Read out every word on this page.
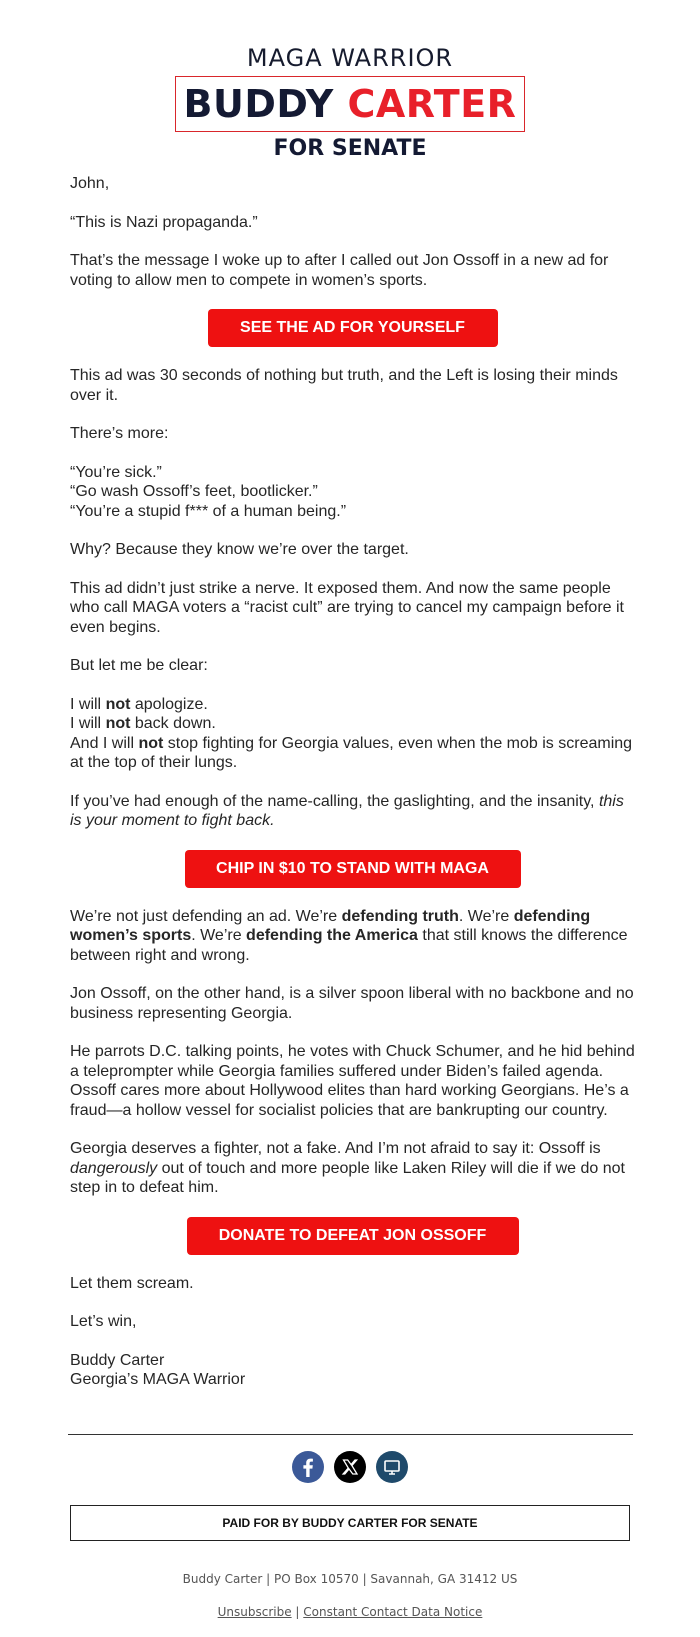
MAGA WARRIOR
BUDDY CARTER
FOR SENATE
John,
“This is Nazi propaganda.”
That’s the message I woke up to after I called out Jon Ossoff in a new ad for voting to allow men to compete in women’s sports.
SEE THE AD FOR YOURSELF
This ad was 30 seconds of nothing but truth, and the Left is losing their minds over it.
There’s more:
“You’re sick.”
“Go wash Ossoff’s feet, bootlicker.”
“You’re a stupid f*** of a human being.”
Why? Because they know we’re over the target.
This ad didn’t just strike a nerve. It exposed them. And now the same people who call MAGA voters a “racist cult” are trying to cancel my campaign before it even begins.
But let me be clear:
I will not apologize.
I will not back down.
And I will not stop fighting for Georgia values, even when the mob is screaming at the top of their lungs.
If you’ve had enough of the name-calling, the gaslighting, and the insanity, this is your moment to fight back.
CHIP IN $10 TO STAND WITH MAGA
We’re not just defending an ad. We’re defending truth. We’re defending women’s sports. We’re defending the America that still knows the difference between right and wrong.
Jon Ossoff, on the other hand, is a silver spoon liberal with no backbone and no business representing Georgia.
He parrots D.C. talking points, he votes with Chuck Schumer, and he hid behind a teleprompter while Georgia families suffered under Biden’s failed agenda. Ossoff cares more about Hollywood elites than hard working Georgians. He’s a fraud—a hollow vessel for socialist policies that are bankrupting our country.
Georgia deserves a fighter, not a fake. And I’m not afraid to say it: Ossoff is dangerously out of touch and more people like Laken Riley will die if we do not step in to defeat him.
DONATE TO DEFEAT JON OSSOFF
Let them scream.
Let’s win,
Buddy Carter
Georgia’s MAGA Warrior

PAID FOR BY BUDDY CARTER FOR SENATE
Buddy Carter | PO Box 10570 | Savannah, GA 31412 US
Unsubscribe | Constant Contact Data Notice
